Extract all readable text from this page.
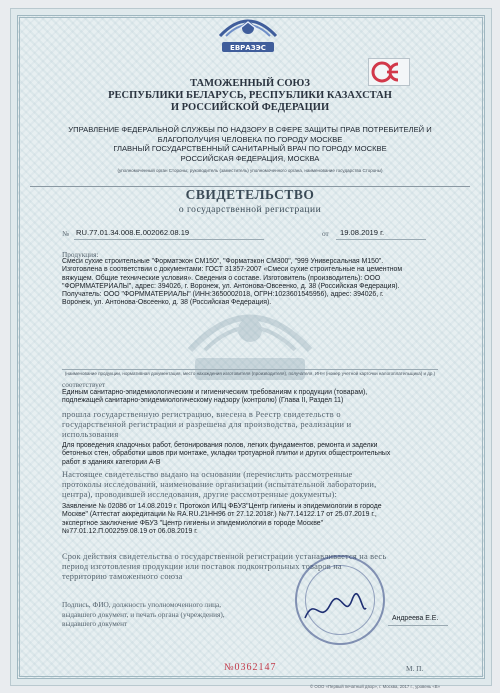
ЕВРАЗЭС
ТАМОЖЕННЫЙ СОЮЗ
РЕСПУБЛИКИ БЕЛАРУСЬ, РЕСПУБЛИКИ КАЗАХСТАН
И РОССИЙСКОЙ ФЕДЕРАЦИИ
УПРАВЛЕНИЕ ФЕДЕРАЛЬНОЙ СЛУЖБЫ ПО НАДЗОРУ В СФЕРЕ ЗАЩИТЫ ПРАВ ПОТРЕБИТЕЛЕЙ И
БЛАГОПОЛУЧИЯ ЧЕЛОВЕКА ПО ГОРОДУ МОСКВЕ
ГЛАВНЫЙ ГОСУДАРСТВЕННЫЙ САНИТАРНЫЙ ВРАЧ ПО ГОРОДУ МОСКВЕ
РОССИЙСКАЯ ФЕДЕРАЦИЯ, МОСКВА
(уполномоченный орган Стороны; руководитель (заместитель) уполномоченного органа, наименование государства Стороны)
СВИДЕТЕЛЬСТВО
о государственной регистрации
№ RU.77.01.34.008.E.002062.08.19	от 19.08.2019 г.
Продукция:
Смеси сухие строительные "Форматэкон СМ150", "Форматэкон СМ300", "999 Универсальная М150".
Изготовлена в соответствии с документами: ГОСТ 31357-2007 «Смеси сухие строительные на цементном
вяжущем. Общие технические условия». Сведения о составе. Изготовитель (производитель): ООО
"ФОРММАТЕРИАЛЫ", адрес: 394026, г. Воронеж, ул. Антонова-Овсеенко, д. 38 (Российская Федерация).
Получатель: ООО "ФОРММАТЕРИАЛЫ" (ИНН:3650002018, ОГРН:1023601545956), адрес: 394026, г.
Воронеж, ул. Антонова-Овсеенко, д. 38 (Российская Федерация).
(наименование продукции, нормативная документация, место нахождения изготовителя (производителя), получателя, ИНН (номер учетной карточки налогоплательщика) и др.)
соответствует
Единым санитарно-эпидемиологическим и гигиеническим требованиям к продукции (товарам),
подлежащей санитарно-эпидемиологическому надзору (контролю) (Глава II, Раздел 11)
прошла государственную регистрацию, внесена в Реестр свидетельств о
государственной регистрации и разрешена для производства, реализации и
использования
Для проведения кладочных работ, бетонирования полов, легких фундаментов, ремонта и заделки
бетонных стен, обработки швов при монтаже, укладки тротуарной плитки и других общестроительных
работ в зданиях категории А-В
Настоящее свидетельство выдано на основании (перечислить рассмотренные
протоколы исследований, наименование организации (испытательной лаборатории,
центра), проводившей исследования, другие рассмотренные документы):
Заявление № 02086 от 14.08.2019 г. Протокол ИЛЦ ФБУЗ"Центр гигиены и эпидемиологии в городе
Москве" (Аттестат аккредитации № RA.RU.21НН96 от 27.12.2018г.) №77.14122.17 от 25.07.2019 г.,
экспертное заключение ФБУЗ "Центр гигиены и эпидемиологии в городе Москве"
№77.01.12.П.002259.08.19 от 06.08.2019 г.
Срок действия свидетельства о государственной регистрации устанавливается на весь
период изготовления продукции или поставок подконтрольных товаров на
территорию таможенного союза
Подпись, ФИО, должность уполномоченного лица,
выдавшего документ, и печать органа (учреждения),
выдавшего документ
Андреева Е.Е.
№0362147	М. П.
© ООО «Первый печатный двор», г. Москва, 2017 г., уровень «В»
